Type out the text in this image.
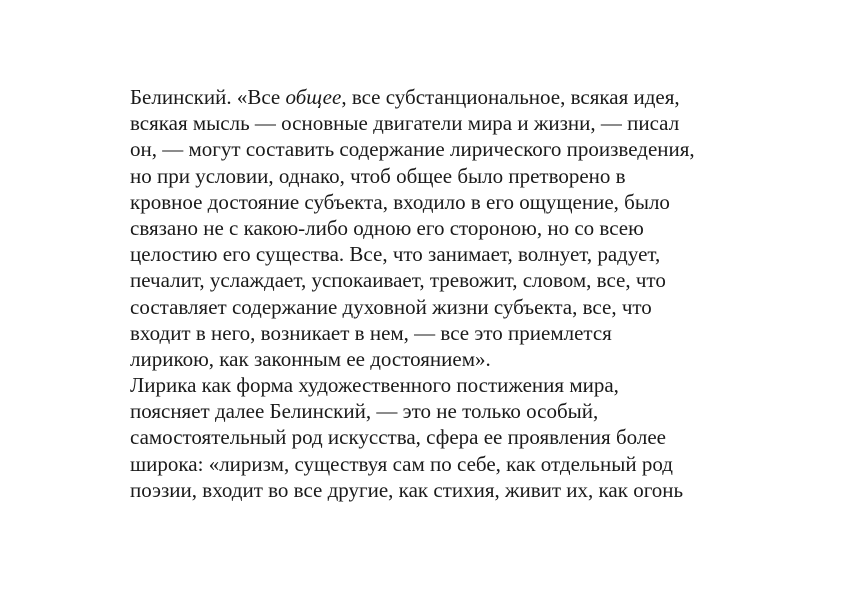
Белинский. «Все общее, все субстанциональное, всякая идея,
всякая мысль — основные двигатели мира и жизни, — писал
он, — могут составить содержание лирического произведения,
но при условии, однако, чтоб общее было претворено в
кровное достояние субъекта, входило в его ощущение, было
связано не с какою-либо одною его стороною, но со всею
целостию его существа. Все, что занимает, волнует, радует,
печалит, услаждает, успокаивает, тревожит, словом, все, что
составляет содержание духовной жизни субъекта, все, что
входит в него, возникает в нем, — все это приемлется
лирикою, как законным ее достоянием».
Лирика как форма художественного постижения мира,
поясняет далее Белинский, — это не только особый,
самостоятельный род искусства, сфера ее проявления более
широка: «лиризм, существуя сам по себе, как отдельный род
поэзии, входит во все другие, как стихия, живит их, как огонь
